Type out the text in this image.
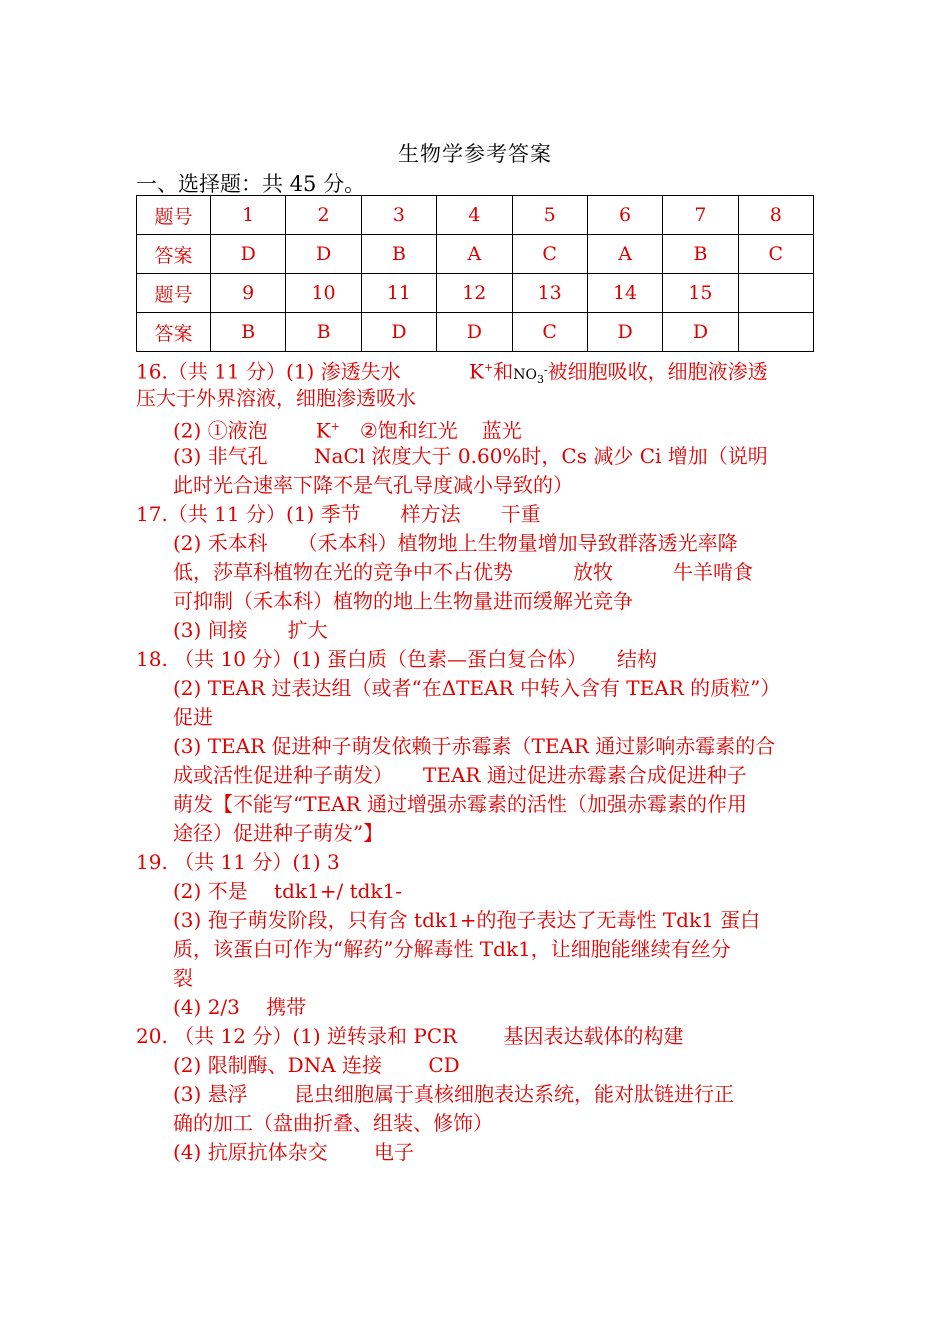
生物学参考答案
一、选择题：共 45 分。
题号	1	2	3	4	5	6	7	8
答案	D	D	B	A	C	A	B	C
题号	9	10	11	12	13	14	15	
答案	B	B	D	D	C	D	D	
16.（共 11 分）(1) 渗透失水	K+和$NO_3^-$被细胞吸收，细胞液渗透
压大于外界溶液，细胞渗透吸水
(2) ①液泡 K+ ②饱和红光 蓝光
(3) 非气孔　　 NaCl 浓度大于 0.60%时，Cs 减少 Ci 增加（说明
此时光合速率下降不是气孔导度减小导致的）
17.（共 11 分）(1) 季节　　样方法　　干重
(2) 禾本科　　（禾本科）植物地上生物量增加导致群落透光率降
低，莎草科植物在光的竞争中不占优势　　　放牧　　　牛羊啃食
可抑制（禾本科）植物的地上生物量进而缓解光竞争
(3) 间接　　扩大
18. （共 10 分）(1) 蛋白质（色素—蛋白复合体）　　结构
(2) TEAR 过表达组（或者“在ΔTEAR 中转入含有 TEAR 的质粒”）
促进
(3) TEAR 促进种子萌发依赖于赤霉素（TEAR 通过影响赤霉素的合
成或活性促进种子萌发）　　TEAR 通过促进赤霉素合成促进种子
萌发【不能写“TEAR 通过增强赤霉素的活性（加强赤霉素的作用
途径）促进种子萌发”】
19. （共 11 分）(1) 3
(2) 不是　 tdk1+/ tdk1-
(3) 孢子萌发阶段，只有含 tdk1+的孢子表达了无毒性 Tdk1 蛋白
质，该蛋白可作为“解药”分解毒性 Tdk1，让细胞能继续有丝分
裂
(4) 2/3　 携带
20. （共 12 分）(1) 逆转录和 PCR　　 基因表达载体的构建
(2) 限制酶、DNA 连接　　 CD
(3) 悬浮　　 昆虫细胞属于真核细胞表达系统，能对肽链进行正
确的加工（盘曲折叠、组装、修饰）
(4) 抗原抗体杂交　　 电子
